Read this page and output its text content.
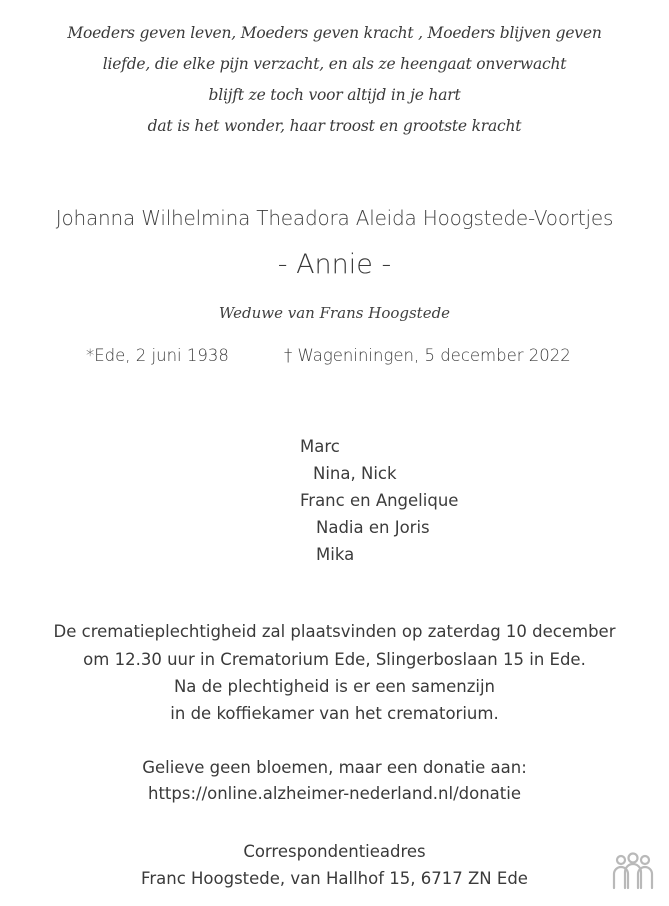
Moeders geven leven, Moeders geven kracht , Moeders blijven geven
liefde, die elke pijn verzacht, en als ze heengaat onverwacht
blijft ze toch voor altijd in je hart
dat is het wonder, haar troost en grootste kracht
Johanna Wilhelmina Theadora Aleida Hoogstede-Voortjes
- Annie -
Weduwe van Frans Hoogstede
*Ede, 2 juni 1938	† Wageniningen, 5 december 2022
Marc
Nina, Nick
Franc en Angelique
Nadia en Joris
Mika
De crematieplechtigheid zal plaatsvinden op zaterdag 10 december
om 12.30 uur in Crematorium Ede, Slingerboslaan 15 in Ede.
Na de plechtigheid is er een samenzijn
in de koffiekamer van het crematorium.
Gelieve geen bloemen, maar een donatie aan:
https://online.alzheimer-nederland.nl/donatie
Correspondentieadres
Franc Hoogstede, van Hallhof 15, 6717 ZN Ede
